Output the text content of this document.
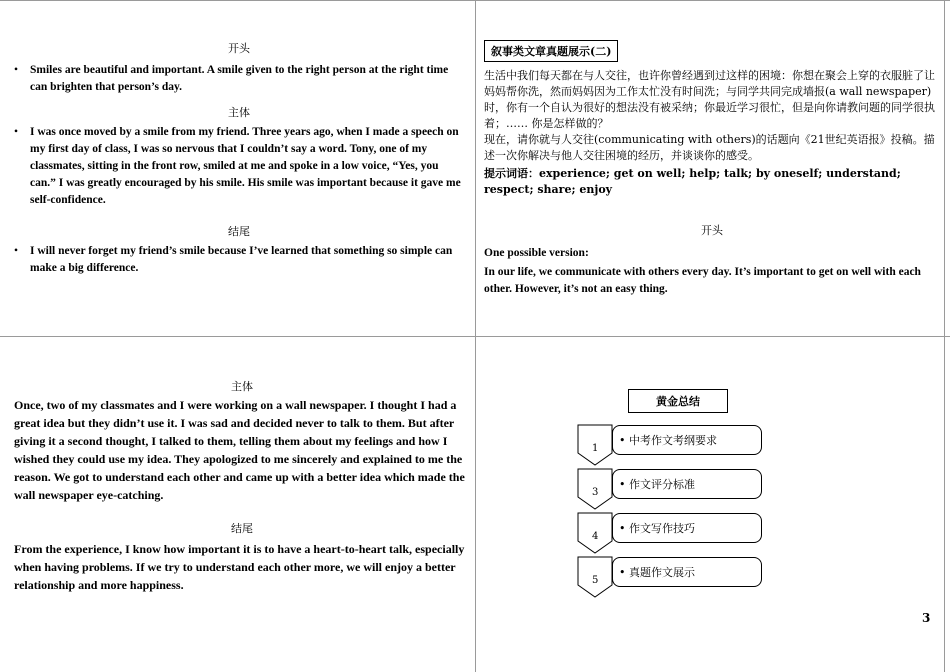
开头

•	Smiles are beautiful and important. A smile given to the right person at the right time can brighten that person’s day.

主体

•	I was once moved by a smile from my friend. Three years ago, when I made a speech on my first day of class, I was so nervous that I couldn’t say a word. Tony, one of my classmates, sitting in the front row, smiled at me and spoke in a low voice, “Yes, you can.” I was greatly encouraged by his smile. His smile was important because it gave me self-confidence.

结尾

•	I will never forget my friend’s smile because I’ve learned that something so simple can make a big difference.
叙事类文章真题展示(二)

生活中我们每天都在与人交往，也许你曾经遇到过这样的困境：你想在聚会上穿的衣服脏了让妈妈帮你洗，然而妈妈因为工作太忙没有时间洗；与同学共同完成墙报(a wall newspaper)时，你有一个自认为很好的想法没有被采纳；你最近学习很忙，但是向你请教问题的同学很执着；…… 你是怎样做的？

现在，请你就与人交往(communicating with others)的话题向《21世纪英语报》投稿。描述一次你解决与他人交往困境的经历，并谈谈你的感受。

提示词语：experience; get on well; help; talk; by oneself; understand; respect; share; enjoy

开头

One possible version:

In our life, we communicate with others every day. It’s important to get on well with each other. However, it’s not an easy thing.

主体

Once, two of my classmates and I were working on a wall newspaper. I thought I had a great idea but they didn’t use it. I was sad and decided never to talk to them. But after giving it a second thought, I talked to them, telling them about my feelings and how I wished they could use my idea. They apologized to me sincerely and explained to me the reason. We got to understand each other and came up with a better idea which made the wall newspaper eye-catching.

结尾

From the experience, I know how important it is to have a heart-to-heart talk, especially when having problems. If we try to understand each other more, we will enjoy a better relationship and more happiness.

黄金总结
1
3
4
5
• 中考作文考纲要求
• 作文评分标准
• 作文写作技巧
• 真题作文展示
3
